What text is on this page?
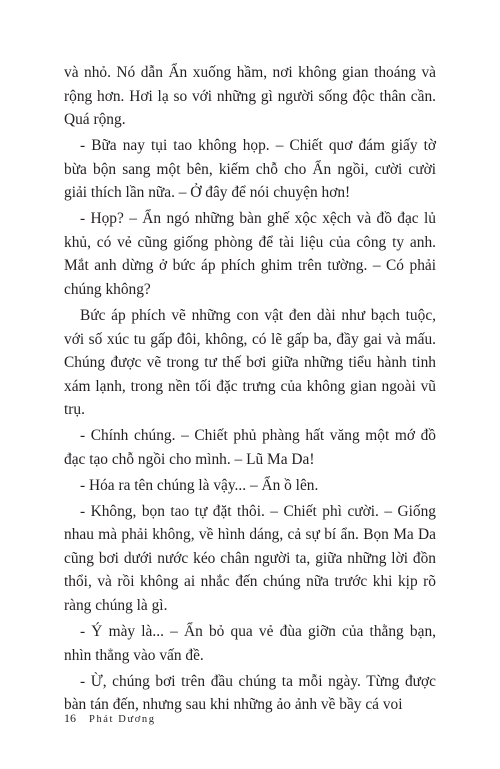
và nhỏ. Nó dẫn Ẩn xuống hầm, nơi không gian thoáng và rộng hơn. Hơi lạ so với những gì người sống độc thân cần. Quá rộng.

- Bữa nay tụi tao không họp. – Chiết quơ đám giấy tờ bừa bộn sang một bên, kiếm chỗ cho Ẩn ngồi, cười cười giải thích lần nữa. – Ở đây để nói chuyện hơn!

- Họp? – Ẩn ngó những bàn ghế xộc xệch và đồ đạc lủ khủ, có vẻ cũng giống phòng để tài liệu của công ty anh. Mắt anh dừng ở bức áp phích ghim trên tường. – Có phải chúng không?

Bức áp phích vẽ những con vật đen dài như bạch tuộc, với số xúc tu gấp đôi, không, có lẽ gấp ba, đầy gai và mấu. Chúng được vẽ trong tư thế bơi giữa những tiểu hành tinh xám lạnh, trong nền tối đặc trưng của không gian ngoài vũ trụ.

- Chính chúng. – Chiết phủ phàng hất văng một mớ đồ đạc tạo chỗ ngồi cho mình. – Lũ Ma Da!

- Hóa ra tên chúng là vậy... – Ẩn ồ lên.

- Không, bọn tao tự đặt thôi. – Chiết phì cười. – Giống nhau mà phải không, về hình dáng, cả sự bí ẩn. Bọn Ma Da cũng bơi dưới nước kéo chân người ta, giữa những lời đồn thổi, và rồi không ai nhắc đến chúng nữa trước khi kịp rõ ràng chúng là gì.

- Ý mày là... – Ẩn bỏ qua vẻ đùa giỡn của thằng bạn, nhìn thẳng vào vấn đề.

- Ừ, chúng bơi trên đầu chúng ta mỗi ngày. Từng được bàn tán đến, nhưng sau khi những ảo ảnh về bầy cá voi

16 Phát Dương
